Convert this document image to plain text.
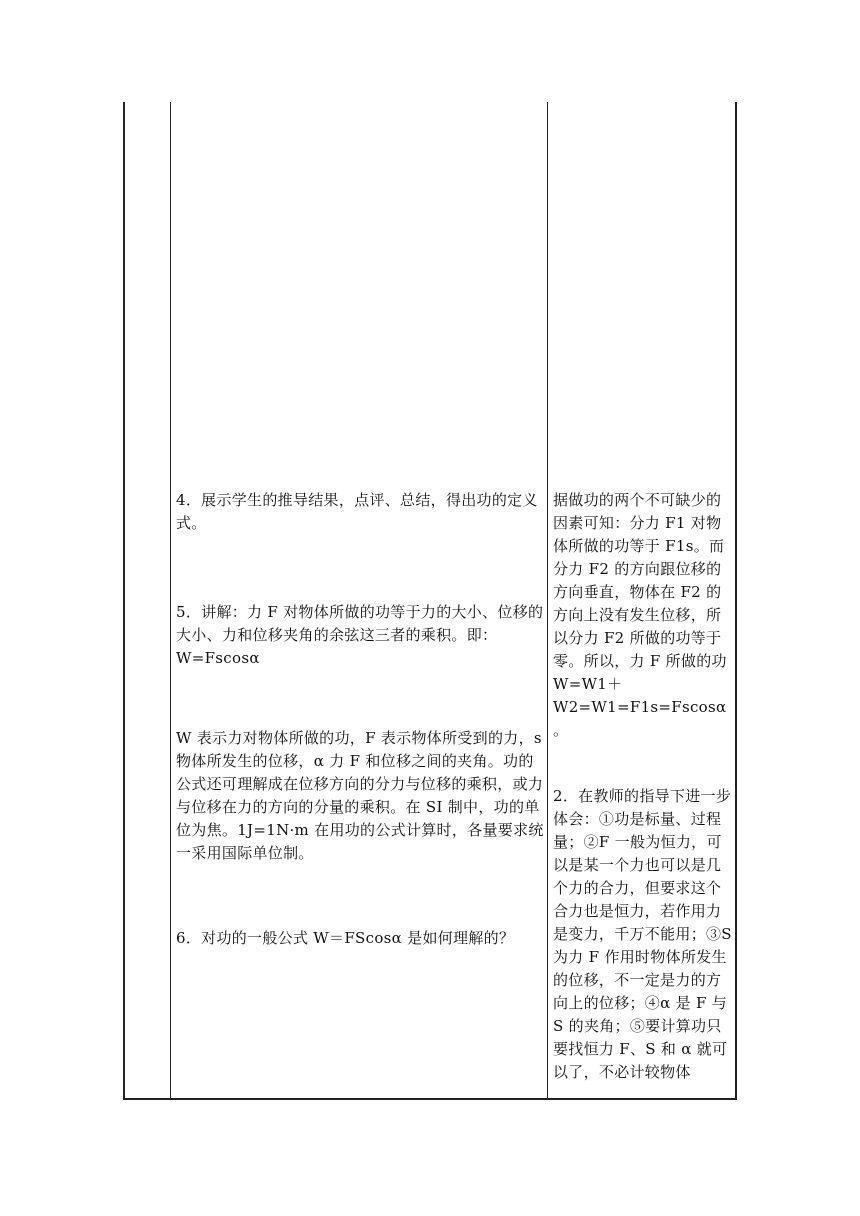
4．展示学生的推导结果，点评、总结，得出功的定义式。
5．讲解：力 F 对物体所做的功等于力的大小、位移的大小、力和位移夹角的余弦这三者的乘积。即：W=Fscosα
W 表示力对物体所做的功，F 表示物体所受到的力，s 物体所发生的位移，α 力 F 和位移之间的夹角。功的公式还可理解成在位移方向的分力与位移的乘积，或力与位移在力的方向的分量的乘积。在 SI 制中，功的单位为焦。1J=1N·m 在用功的公式计算时，各量要求统一采用国际单位制。
6．对功的一般公式 W＝FScosα 是如何理解的？
据做功的两个不可缺少的因素可知：分力 F1 对物体所做的功等于 F1s。而分力 F2 的方向跟位移的方向垂直，物体在 F2 的方向上没有发生位移，所以分力 F2 所做的功等于零。所以，力 F 所做的功 W=W1＋W2=W1=F1s=Fscosα 。
2．在教师的指导下进一步体会：①功是标量、过程量；②F 一般为恒力，可以是某一个力也可以是几个力的合力，但要求这个合力也是恒力，若作用力是变力，千万不能用；③S 为力 F 作用时物体所发生的位移，不一定是力的方向上的位移；④α 是 F 与 S 的夹角；⑤要计算功只要找恒力 F、S 和 α 就可以了，不必计较物体
